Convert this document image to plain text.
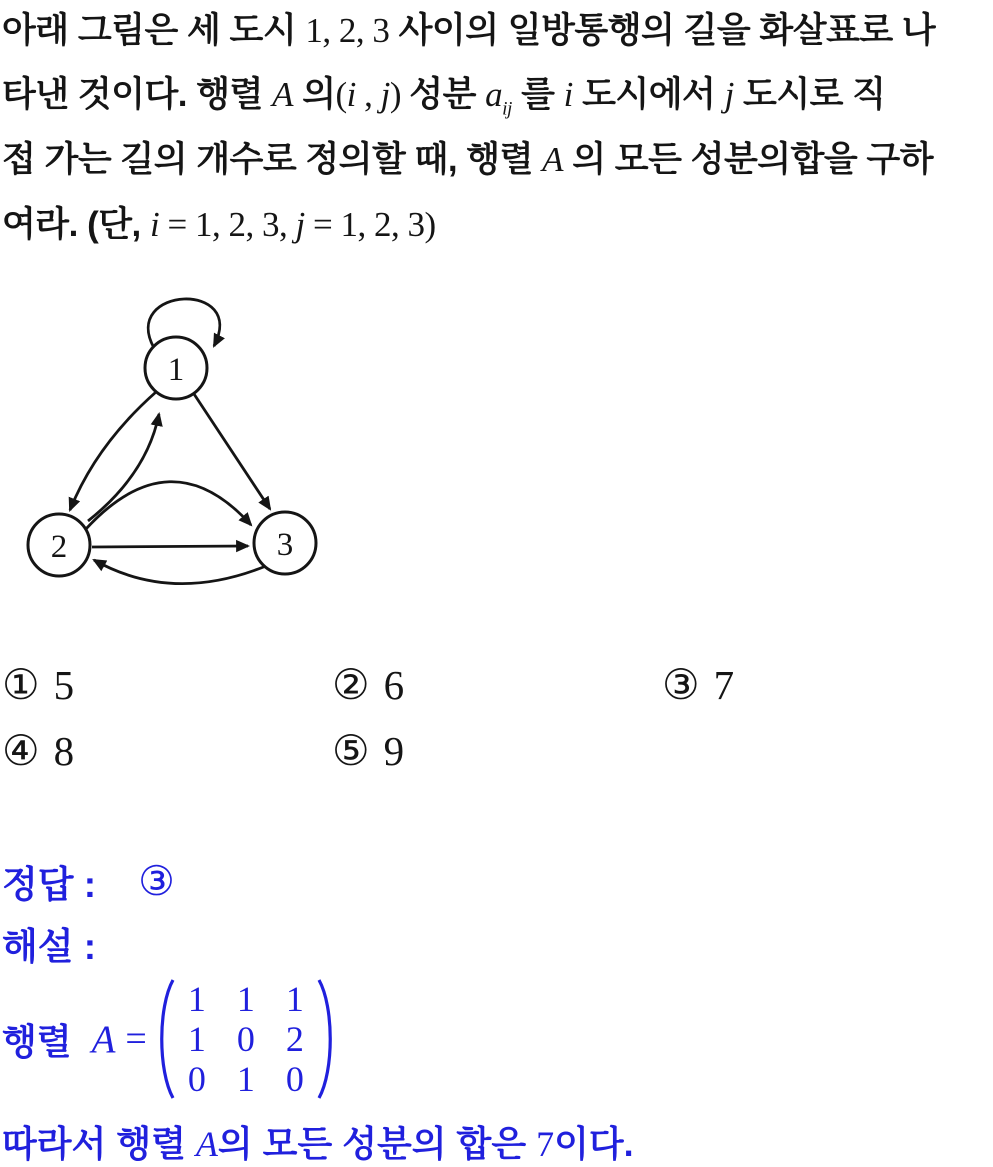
아래 그림은 세 도시 1, 2, 3 사이의 일방통행의 길을 화살표로 나
타낸 것이다. 행렬 A 의(i , j) 성분 $a_{ij}$ 를 i 도시에서 j 도시로 직
접 가는 길의 개수로 정의할 때, 행렬 A 의 모든 성분의합을 구하
여라. (단, i = 1, 2, 3, j = 1, 2, 3)
1
2	3
① 5	② 6	③ 7
④ 8	⑤ 9
정답 : ③
해설 :
행렬 A =
1 1 1
1 0 2
0 1 0
따라서 행렬 A의 모든 성분의 합은 7이다.
